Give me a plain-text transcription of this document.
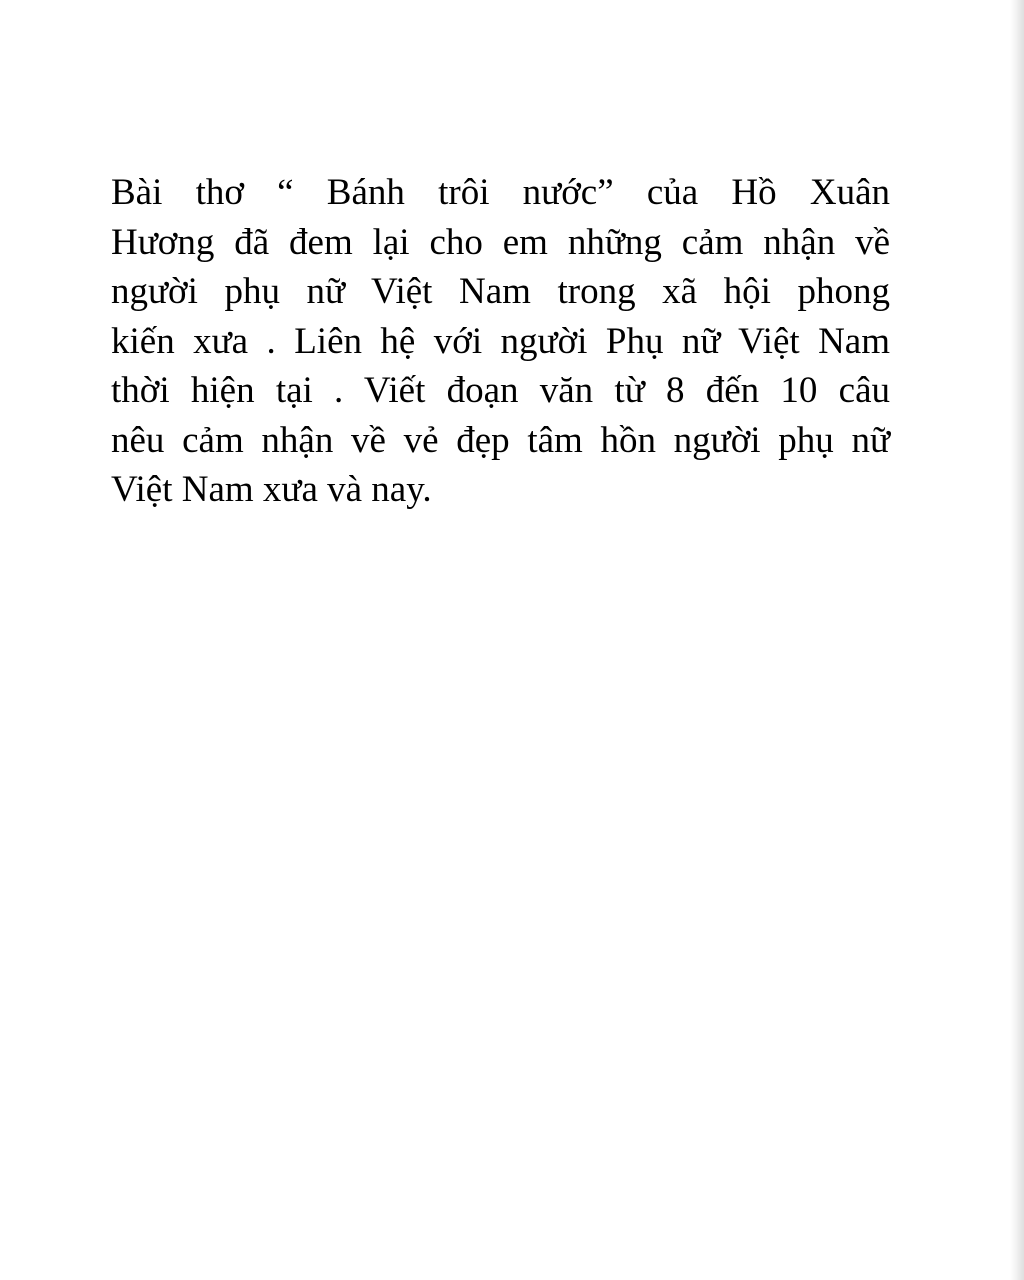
Bài thơ “ Bánh trôi nước” của Hồ Xuân
Hương đã đem lại cho em những cảm nhận về
người phụ nữ Việt Nam trong xã hội phong
kiến xưa . Liên hệ với người Phụ nữ Việt Nam
thời hiện tại . Viết đoạn văn từ 8 đến 10 câu
nêu cảm nhận về vẻ đẹp tâm hồn người phụ nữ
Việt Nam xưa và nay.
